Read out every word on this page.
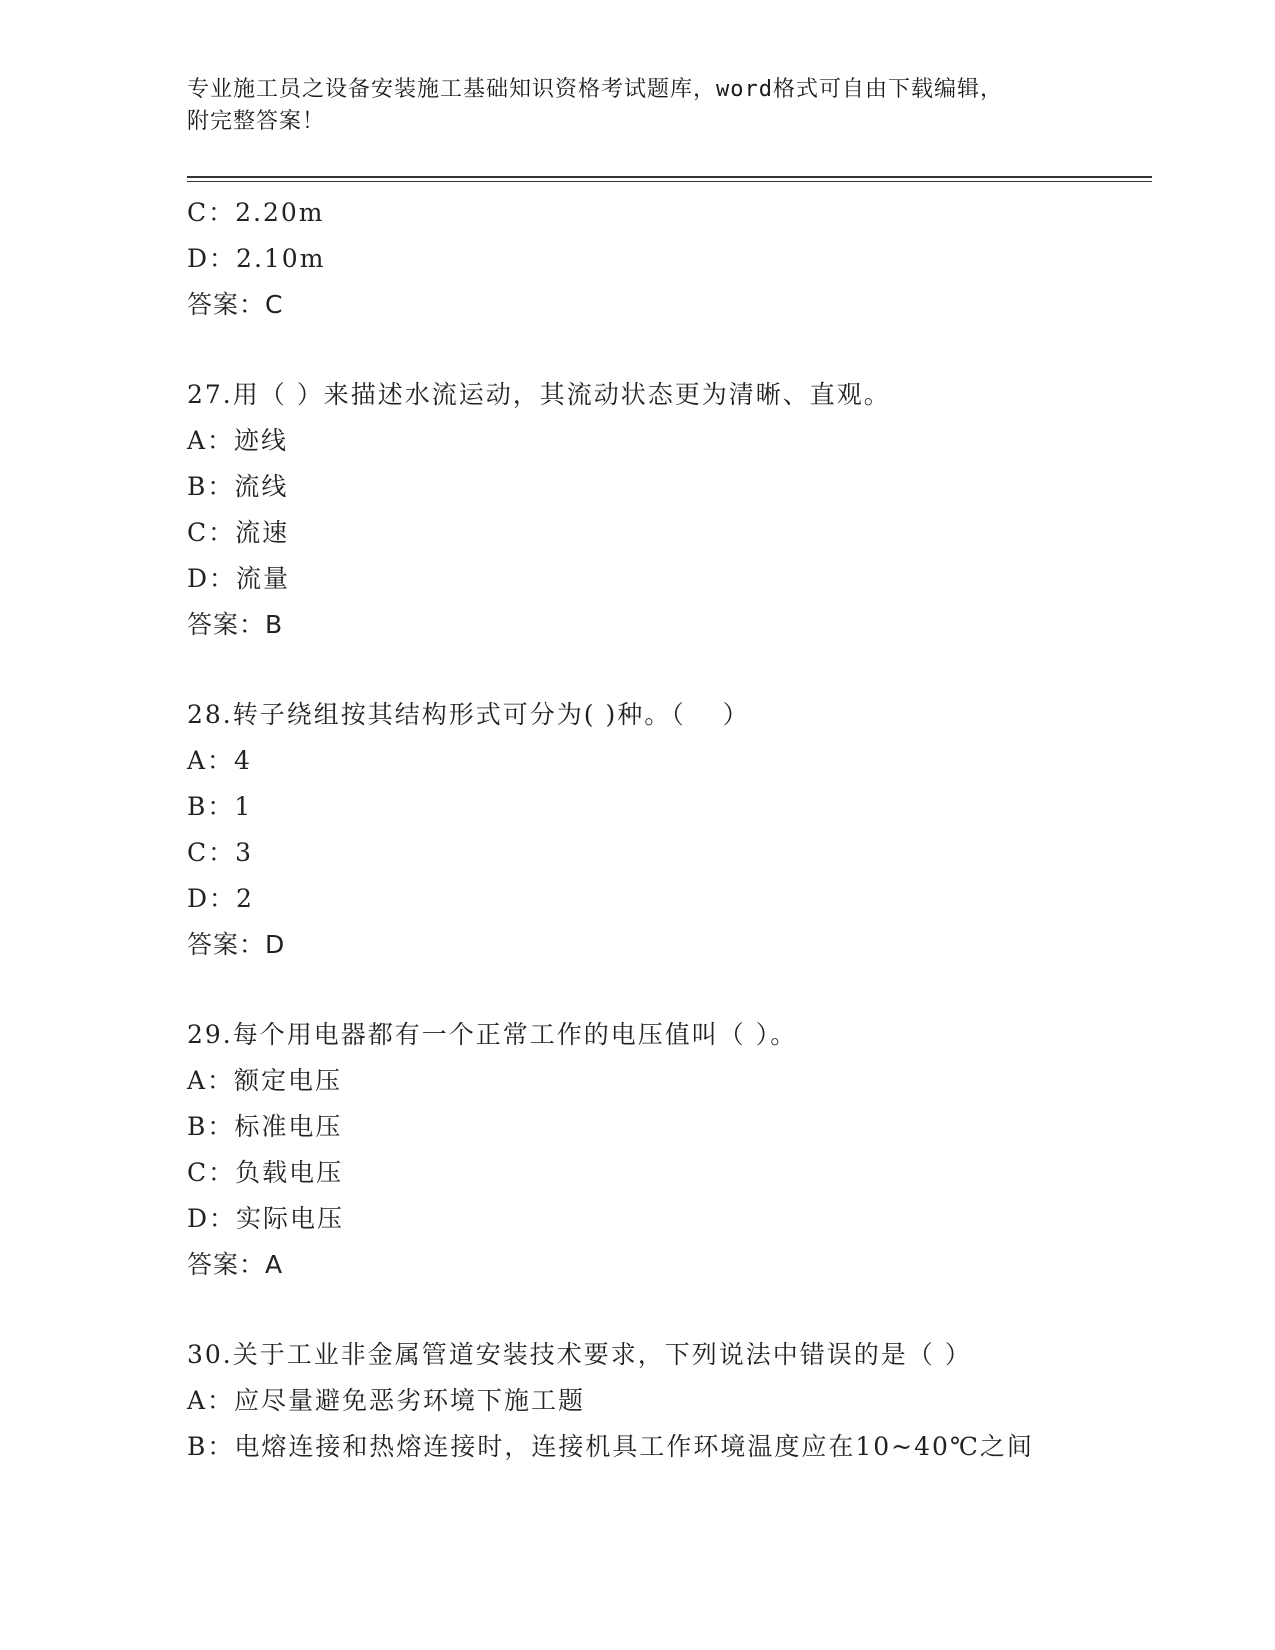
专业施工员之设备安装施工基础知识资格考试题库，word格式可自由下载编辑，
附完整答案！
C：2.20m
D：2.10m
答案：C
27.用（ ）来描述水流运动，其流动状态更为清晰、直观。
A：迹线
B：流线
C：流速
D：流量
答案：B
28.转子绕组按其结构形式可分为( )种。（　 ）
A：4
B：1
C：3
D：2
答案：D
29.每个用电器都有一个正常工作的电压值叫（ ）。
A：额定电压
B：标准电压
C：负载电压
D：实际电压
答案：A
30.关于工业非金属管道安装技术要求，下列说法中错误的是（ ）
A：应尽量避免恶劣环境下施工题
B：电熔连接和热熔连接时，连接机具工作环境温度应在10~40℃之间
